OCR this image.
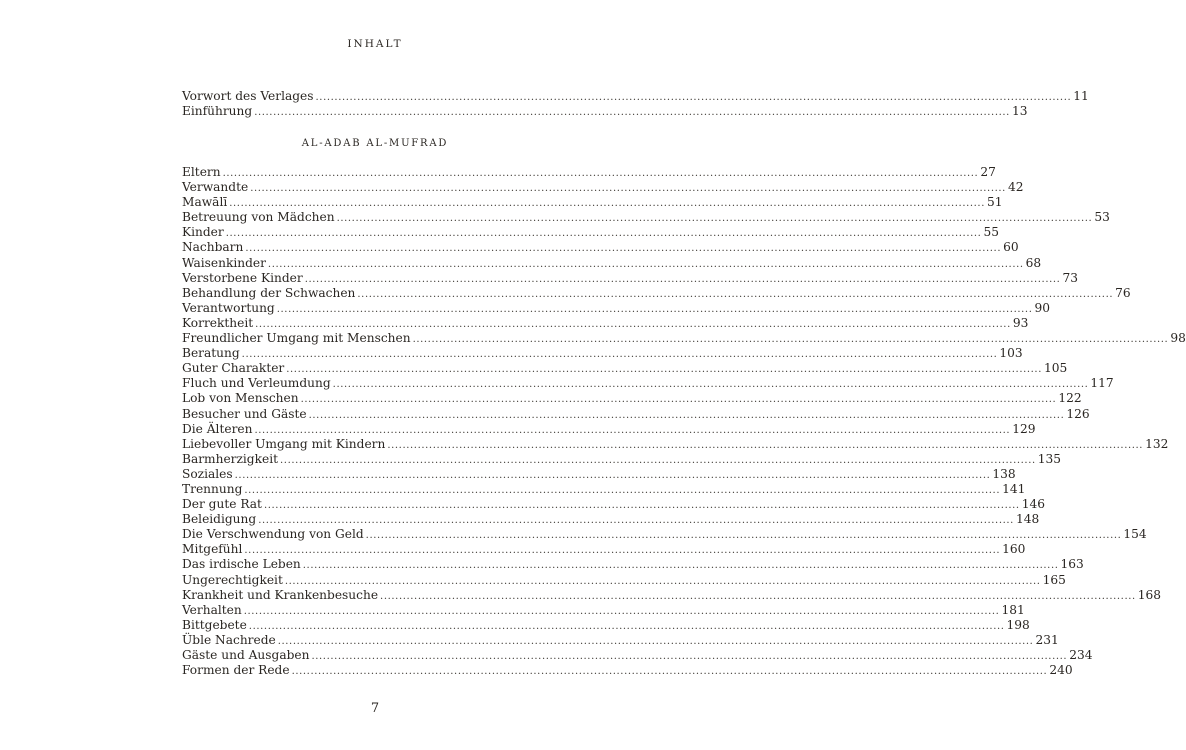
INHALT
Vorwort des Verlages ........................................................................................................................................................................................................ 11
Einführung ........................................................................................................................................................................................................ 13
AL-ADAB AL-MUFRAD
Eltern ........................................................................................................................................................................................................ 27
Verwandte ........................................................................................................................................................................................................ 42
Mawālī ........................................................................................................................................................................................................ 51
Betreuung von Mädchen ........................................................................................................................................................................................................ 53
Kinder ........................................................................................................................................................................................................ 55
Nachbarn ........................................................................................................................................................................................................ 60
Waisenkinder ........................................................................................................................................................................................................ 68
Verstorbene Kinder ........................................................................................................................................................................................................ 73
Behandlung der Schwachen ........................................................................................................................................................................................................ 76
Verantwortung ........................................................................................................................................................................................................ 90
Korrektheit ........................................................................................................................................................................................................ 93
Freundlicher Umgang mit Menschen ........................................................................................................................................................................................................ 98
Beratung ........................................................................................................................................................................................................ 103
Guter Charakter ........................................................................................................................................................................................................ 105
Fluch und Verleumdung ........................................................................................................................................................................................................ 117
Lob von Menschen ........................................................................................................................................................................................................ 122
Besucher und Gäste ........................................................................................................................................................................................................ 126
Die Älteren ........................................................................................................................................................................................................ 129
Liebevoller Umgang mit Kindern ........................................................................................................................................................................................................ 132
Barmherzigkeit ........................................................................................................................................................................................................ 135
Soziales ........................................................................................................................................................................................................ 138
Trennung ........................................................................................................................................................................................................ 141
Der gute Rat ........................................................................................................................................................................................................ 146
Beleidigung ........................................................................................................................................................................................................ 148
Die Verschwendung von Geld ........................................................................................................................................................................................................ 154
Mitgefühl ........................................................................................................................................................................................................ 160
Das irdische Leben ........................................................................................................................................................................................................ 163
Ungerechtigkeit ........................................................................................................................................................................................................ 165
Krankheit und Krankenbesuche ........................................................................................................................................................................................................ 168
Verhalten ........................................................................................................................................................................................................ 181
Bittgebete ........................................................................................................................................................................................................ 198
Üble Nachrede ........................................................................................................................................................................................................ 231
Gäste und Ausgaben ........................................................................................................................................................................................................ 234
Formen der Rede ........................................................................................................................................................................................................ 240
7
